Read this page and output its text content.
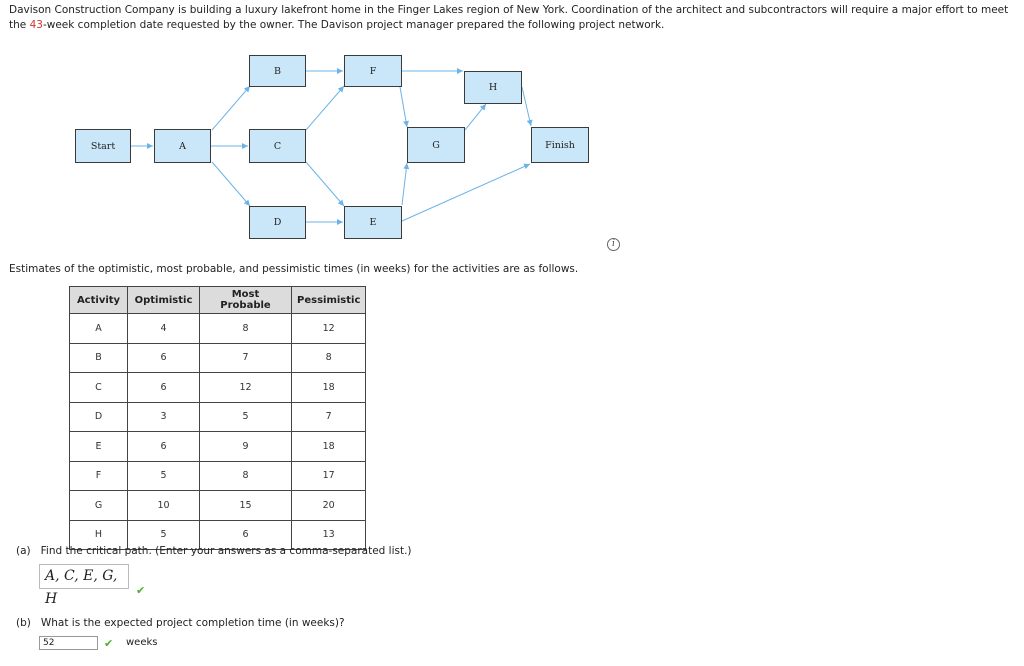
Davison Construction Company is building a luxury lakefront home in the Finger Lakes region of New York. Coordination of the architect and subcontractors will require a major effort to meet the 43-week completion date requested by the owner. The Davison project manager prepared the following project network.
Start	A
B
C
D
F
E
G
H
Finish
i
Estimates of the optimistic, most probable, and pessimistic times (in weeks) for the activities are as follows.
Activity	Optimistic	Most Probable	Pessimistic
A	4	8	12
B	6	7	8
C	6	12	18
D	3	5	7
E	6	9	18
F	5	8	17
G	10	15	20
H	5	6	13
(a) Find the critical path. (Enter your answers as a comma-separated list.)
A, C, E, G, H
✔
(b) What is the expected project completion time (in weeks)?
52	✔ weeks
